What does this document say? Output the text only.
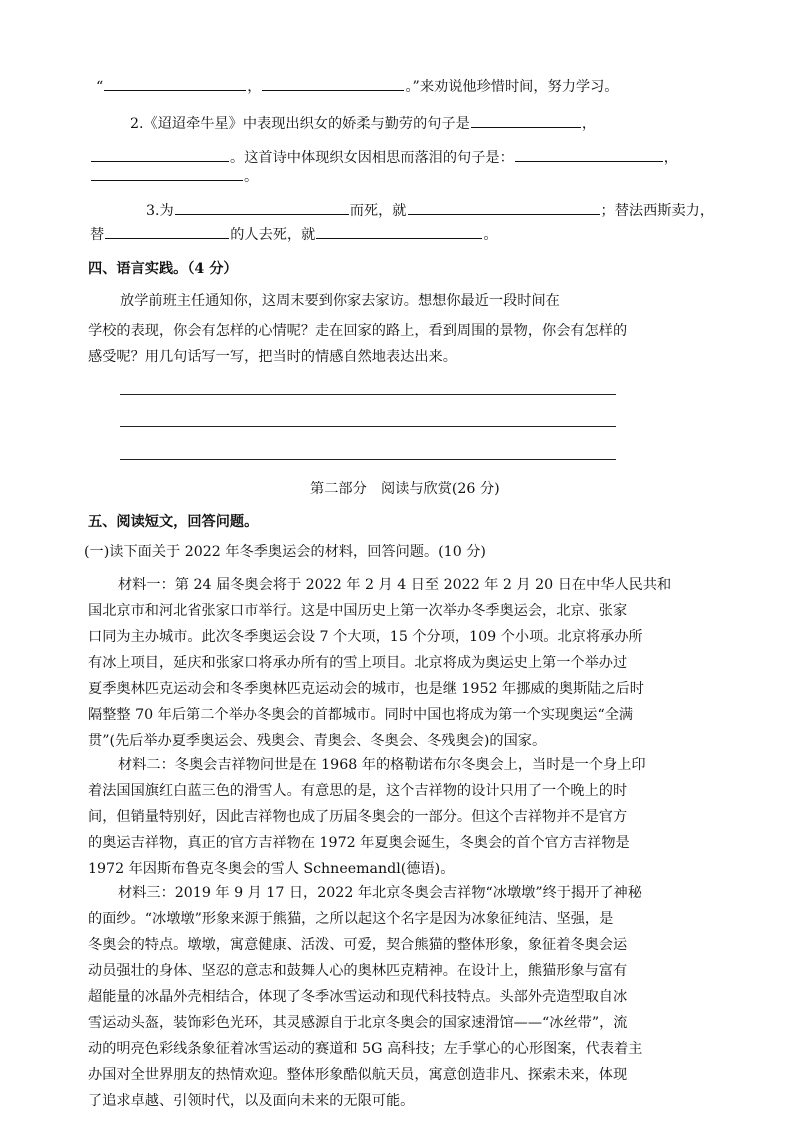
“	，	。”来劝说他珍惜时间，努力学习。
2.《迢迢牵牛星》中表现出织女的娇柔与勤劳的句子是	，
。这首诗中体现织女因相思而落泪的句子是：	，
。
3.为	而死，就	；替法西斯卖力，
替	的人去死，就	。
四、语言实践。（4 分）
放学前班主任通知你，这周末要到你家去家访。想想你最近一段时间在
学校的表现，你会有怎样的心情呢？走在回家的路上，看到周围的景物，你会有怎样的
感受呢？用几句话写一写，把当时的情感自然地表达出来。
第二部分　阅读与欣赏(26 分)
五、阅读短文，回答问题。
(一)读下面关于 2022 年冬季奥运会的材料，回答问题。(10 分)
材料一：第 24 届冬奥会将于 2022 年 2 月 4 日至 2022 年 2 月 20 日在中华人民共和
国北京市和河北省张家口市举行。这是中国历史上第一次举办冬季奥运会，北京、张家
口同为主办城市。此次冬季奥运会设 7 个大项，15 个分项，109 个小项。北京将承办所
有冰上项目，延庆和张家口将承办所有的雪上项目。北京将成为奥运史上第一个举办过
夏季奥林匹克运动会和冬季奥林匹克运动会的城市，也是继 1952 年挪威的奥斯陆之后时
隔整整 70 年后第二个举办冬奥会的首都城市。同时中国也将成为第一个实现奥运“全满
贯”(先后举办夏季奥运会、残奥会、青奥会、冬奥会、冬残奥会)的国家。
材料二：冬奥会吉祥物问世是在 1968 年的格勒诺布尔冬奥会上，当时是一个身上印
着法国国旗红白蓝三色的滑雪人。有意思的是，这个吉祥物的设计只用了一个晚上的时
间，但销量特别好，因此吉祥物也成了历届冬奥会的一部分。但这个吉祥物并不是官方
的奥运吉祥物，真正的官方吉祥物在 1972 年夏奥会诞生，冬奥会的首个官方吉祥物是
1972 年因斯布鲁克冬奥会的雪人 Schneemandl(德语)。
材料三：2019 年 9 月 17 日，2022 年北京冬奥会吉祥物“冰墩墩”终于揭开了神秘
的面纱。“冰墩墩”形象来源于熊猫，之所以起这个名字是因为冰象征纯洁、坚强，是
冬奥会的特点。墩墩，寓意健康、活泼、可爱，契合熊猫的整体形象，象征着冬奥会运
动员强壮的身体、坚忍的意志和鼓舞人心的奥林匹克精神。在设计上，熊猫形象与富有
超能量的冰晶外壳相结合，体现了冬季冰雪运动和现代科技特点。头部外壳造型取自冰
雪运动头盔，装饰彩色光环，其灵感源自于北京冬奥会的国家速滑馆——“冰丝带”，流
动的明亮色彩线条象征着冰雪运动的赛道和 5G 高科技；左手掌心的心形图案，代表着主
办国对全世界朋友的热情欢迎。整体形象酷似航天员，寓意创造非凡、探索未来，体现
了追求卓越、引领时代，以及面向未来的无限可能。
